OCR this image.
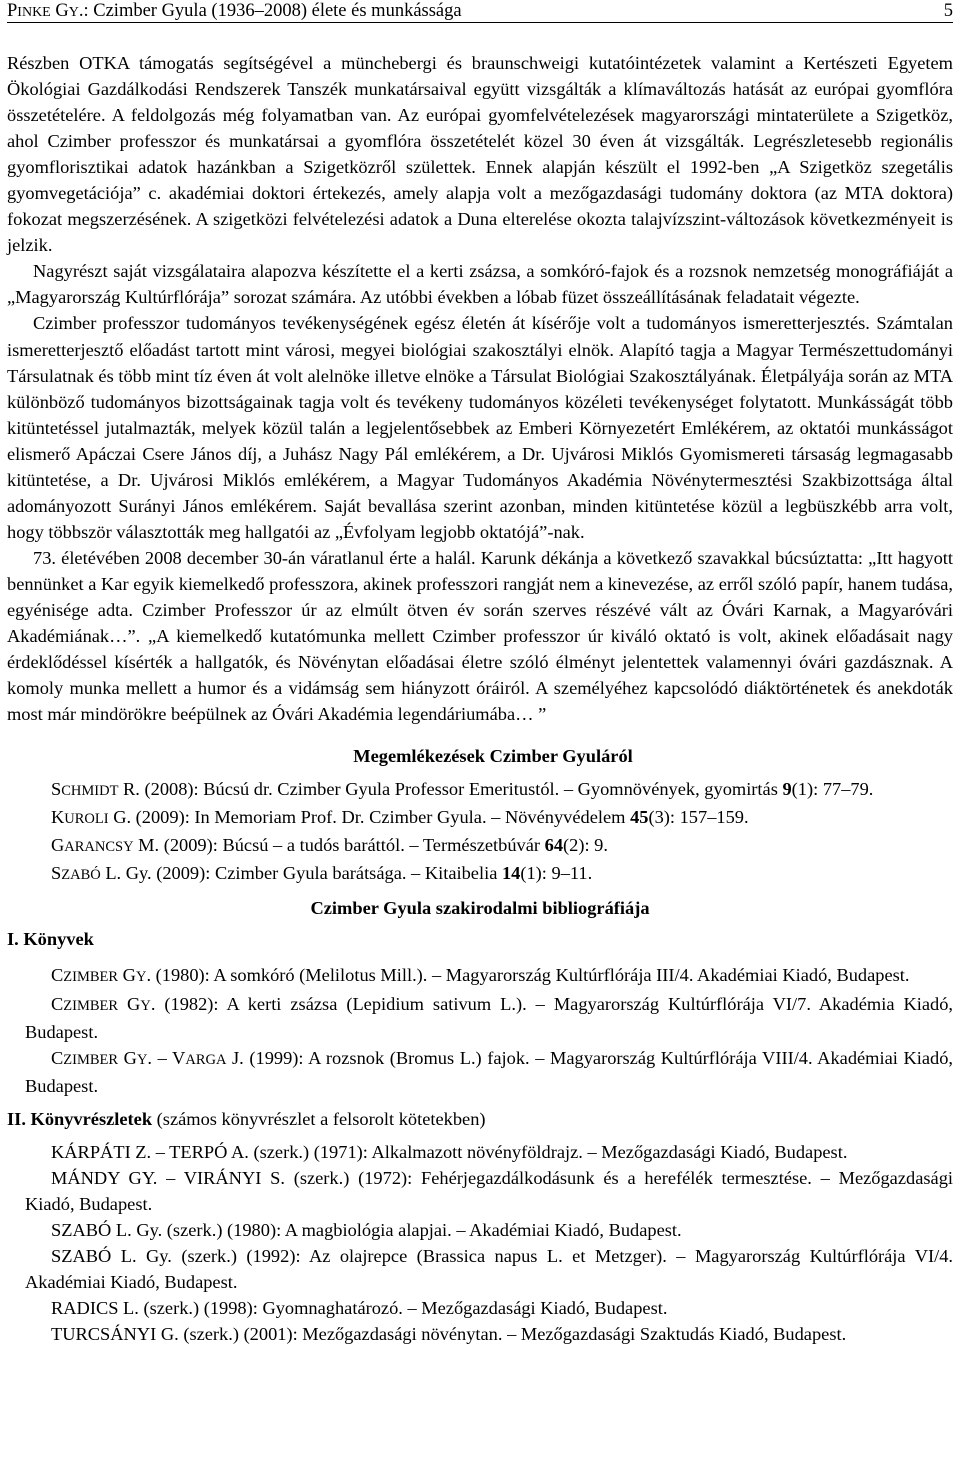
PINKE GY.: Czimber Gyula (1936–2008) élete és munkássága	5

Részben OTKA támogatás segítségével a münchebergi és braunschweigi kutatóintézetek valamint a Kertészeti Egyetem Ökológiai Gazdálkodási Rendszerek Tanszék munkatársaival együtt vizsgálták a klímaváltozás hatását az európai gyomflóra összetételére. A feldolgozás még folyamatban van. Az európai gyomfelvételezések magyarországi mintaterülete a Szigetköz, ahol Czimber professzor és munkatársai a gyomflóra összetételét közel 30 éven át vizsgálták. Legrészletesebb regionális gyomflorisztikai adatok hazánkban a Szigetközről születtek. Ennek alapján készült el 1992-ben „A Szigetköz szegetális gyomvegetációja” c. akadémiai doktori értekezés, amely alapja volt a mezőgazdasági tudomány doktora (az MTA doktora) fokozat megszerzésének. A szigetközi felvételezési adatok a Duna elterelése okozta talajvízszint-változások következményeit is jelzik.

Nagyrészt saját vizsgálataira alapozva készítette el a kerti zsázsa, a somkóró-fajok és a rozsnok nemzetség monográfiáját a „Magyarország Kultúrflórája” sorozat számára. Az utóbbi években a lóbab füzet összeállításának feladatait végezte.

Czimber professzor tudományos tevékenységének egész életén át kísérője volt a tudományos ismeretterjesztés. Számtalan ismeretterjesztő előadást tartott mint városi, megyei biológiai szakosztályi elnök. Alapító tagja a Magyar Természettudományi Társulatnak és több mint tíz éven át volt alelnöke illetve elnöke a Társulat Biológiai Szakosztályának. Életpályája során az MTA különböző tudományos bizottságainak tagja volt és tevékeny tudományos közéleti tevékenységet folytatott. Munkásságát több kitüntetéssel jutalmazták, melyek közül talán a legjelentősebbek az Emberi Környezetért Emlékérem, az oktatói munkásságot elismerő Apáczai Csere János díj, a Juhász Nagy Pál emlékérem, a Dr. Ujvárosi Miklós Gyomismereti társaság legmagasabb kitüntetése, a Dr. Ujvárosi Miklós emlékérem, a Magyar Tudományos Akadémia Növénytermesztési Szakbizottsága által adományozott Surányi János emlékérem. Saját bevallása szerint azonban, minden kitüntetése közül a legbüszkébb arra volt, hogy többször választották meg hallgatói az „Évfolyam legjobb oktatójá”-nak.

73. életévében 2008 december 30-án váratlanul érte a halál. Karunk dékánja a következő szavakkal búcsúztatta: „Itt hagyott bennünket a Kar egyik kiemelkedő professzora, akinek professzori rangját nem a kinevezése, az erről szóló papír, hanem tudása, egyénisége adta. Czimber Professzor úr az elmúlt ötven év során szerves részévé vált az Óvári Karnak, a Magyaróvári Akadémiának…”. „A kiemelkedő kutatómunka mellett Czimber professzor úr kiváló oktató is volt, akinek előadásait nagy érdeklődéssel kísérték a hallgatók, és Növénytan előadásai életre szóló élményt jelentettek valamennyi óvári gazdásznak. A komoly munka mellett a humor és a vidámság sem hiányzott óráiról. A személyéhez kapcsolódó diáktörténetek és anekdoták most már mindörökre beépülnek az Óvári Akadémia legendáriumába… ”

Megemlékezések Czimber Gyuláról

SCHMIDT R. (2008): Búcsú dr. Czimber Gyula Professor Emeritustól. – Gyomnövények, gyomirtás 9(1): 77–79.

KUROLI G. (2009): In Memoriam Prof. Dr. Czimber Gyula. – Növényvédelem 45(3): 157–159.

GARANCSY M. (2009): Búcsú – a tudós baráttól. – Természetbúvár 64(2): 9.

SZABÓ L. Gy. (2009): Czimber Gyula barátsága. – Kitaibelia 14(1): 9–11.

Czimber Gyula szakirodalmi bibliográfiája
I. Könyvek

CZIMBER GY. (1980): A somkóró (Melilotus Mill.). – Magyarország Kultúrflórája III/4. Akadémiai Kiadó, Budapest.

CZIMBER GY. (1982): A kerti zsázsa (Lepidium sativum L.). – Magyarország Kultúrflórája VI/7. Akadémia Kiadó, Budapest.

CZIMBER GY. – VARGA J. (1999): A rozsnok (Bromus L.) fajok. – Magyarország Kultúrflórája VIII/4. Akadémiai Kiadó, Budapest.

II. Könyvrészletek (számos könyvrészlet a felsorolt kötetekben)

KÁRPÁTI Z. – TERPÓ A. (szerk.) (1971): Alkalmazott növényföldrajz. – Mezőgazdasági Kiadó, Budapest.

MÁNDY GY. – VIRÁNYI S. (szerk.) (1972): Fehérjegazdálkodásunk és a herefélék termesztése. – Mezőgazdasági Kiadó, Budapest.

SZABÓ L. Gy. (szerk.) (1980): A magbiológia alapjai. – Akadémiai Kiadó, Budapest.

SZABÓ L. Gy. (szerk.) (1992): Az olajrepce (Brassica napus L. et Metzger). – Magyarország Kultúrflórája VI/4. Akadémiai Kiadó, Budapest.

RADICS L. (szerk.) (1998): Gyomnaghatározó. – Mezőgazdasági Kiadó, Budapest.

TURCSÁNYI G. (szerk.) (2001): Mezőgazdasági növénytan. – Mezőgazdasági Szaktudás Kiadó, Budapest.
